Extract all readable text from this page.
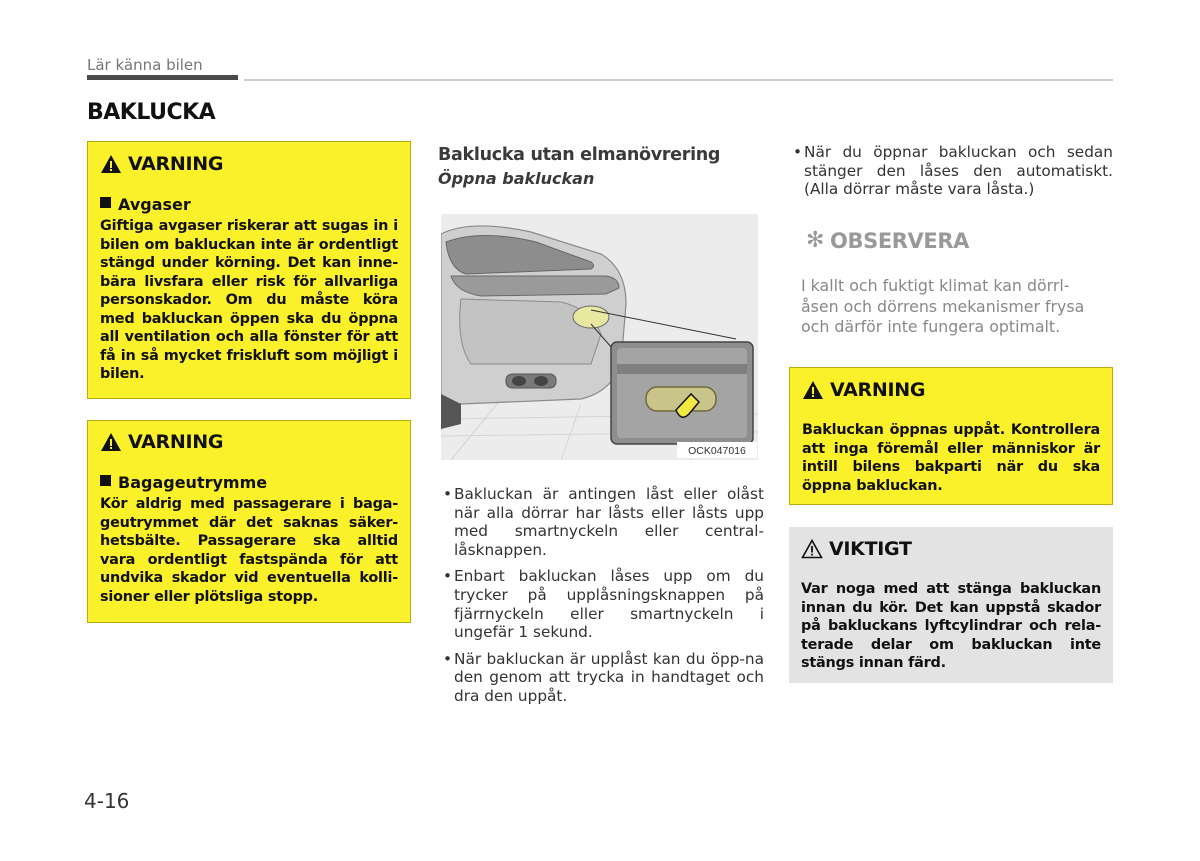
Lär känna bilen
BAKLUCKA
VARNING
Avgaser
Giftiga avgaser riskerar att sugas in i bilen om bakluckan inte är ordentligt stängd under körning. Det kan inne-bära livsfara eller risk för allvarliga personskador. Om du måste köra med bakluckan öppen ska du öppna all ventilation och alla fönster för att få in så mycket friskluft som möjligt i bilen.
VARNING
Bagageutrymme
Kör aldrig med passagerare i baga-geutrymmet där det saknas säker-hetsbälte. Passagerare ska alltid vara ordentligt fastspända för att undvika skador vid eventuella kolli-sioner eller plötsliga stopp.
Baklucka utan elmanövrering
Öppna bakluckan
OCK047016
• Bakluckan är antingen låst eller olåst när alla dörrar har låsts eller låsts upp med smartnyckeln eller central-låsknappen.
• Enbart bakluckan låses upp om du trycker på upplåsningsknappen på fjärrnyckeln eller smartnyckeln i ungefär 1 sekund.
• När bakluckan är upplåst kan du öpp-na den genom att trycka in handtaget och dra den uppåt.
• När du öppnar bakluckan och sedan stänger den låses den automatiskt. (Alla dörrar måste vara låsta.)
✻ OBSERVERA
I kallt och fuktigt klimat kan dörrl-åsen och dörrens mekanismer frysa och därför inte fungera optimalt.
VARNING
Bakluckan öppnas uppåt. Kontrollera att inga föremål eller människor är intill bilens bakparti när du ska öppna bakluckan.
VIKTIGT
Var noga med att stänga bakluckan innan du kör. Det kan uppstå skador på bakluckans lyftcylindrar och rela-terade delar om bakluckan inte stängs innan färd.
4-16
